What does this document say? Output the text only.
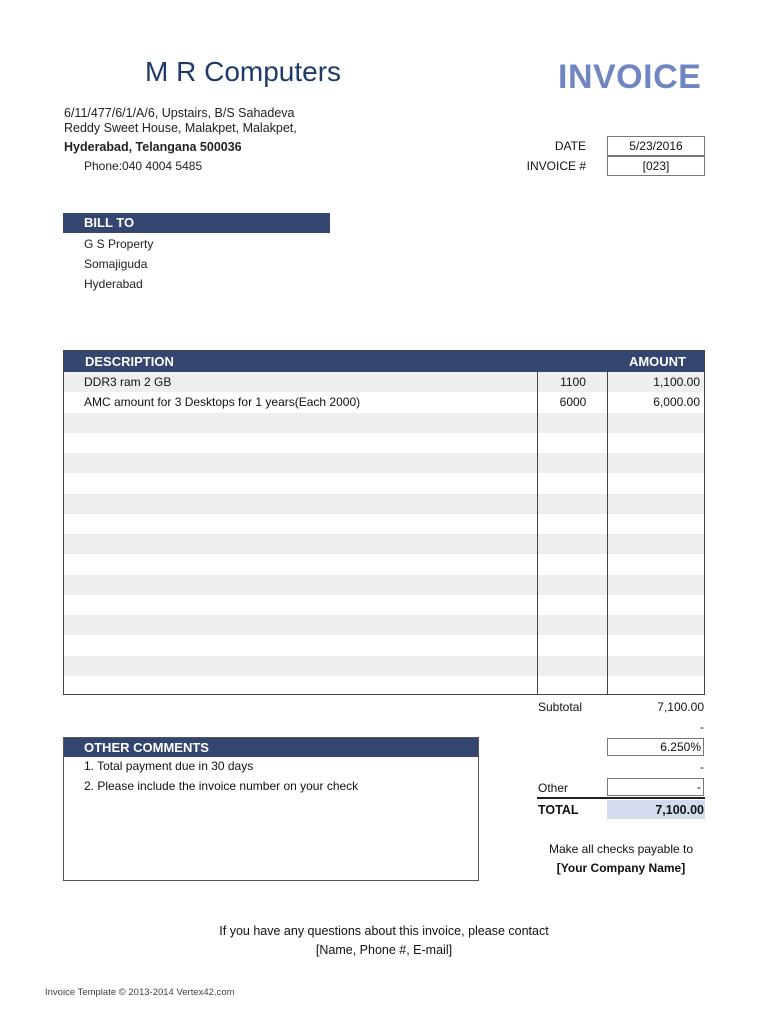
M R Computers	INVOICE
6/11/477/6/1/A/6, Upstairs, B/S Sahadeva
Reddy Sweet House, Malakpet, Malakpet,
Hyderabad, Telangana 500036
Phone:040 4004 5485
DATE	5/23/2016
INVOICE #	[023]
BILL TO
G S Property
Somajiguda
Hyderabad
DDR3 ram 2 GB	1100	1,100.00
AMC amount for 3 Desktops for 1 years(Each 2000)	6000	6,000.00
DESCRIPTION	AMOUNT
Subtotal	7,100.00
-
6.250%
-
Other	-
TOTAL	7,100.00
OTHER COMMENTS
1. Total payment due in 30 days
2. Please include the invoice number on your check
Make all checks payable to
[Your Company Name]
If you have any questions about this invoice, please contact
[Name, Phone #, E-mail]
Invoice Template © 2013-2014 Vertex42.com
